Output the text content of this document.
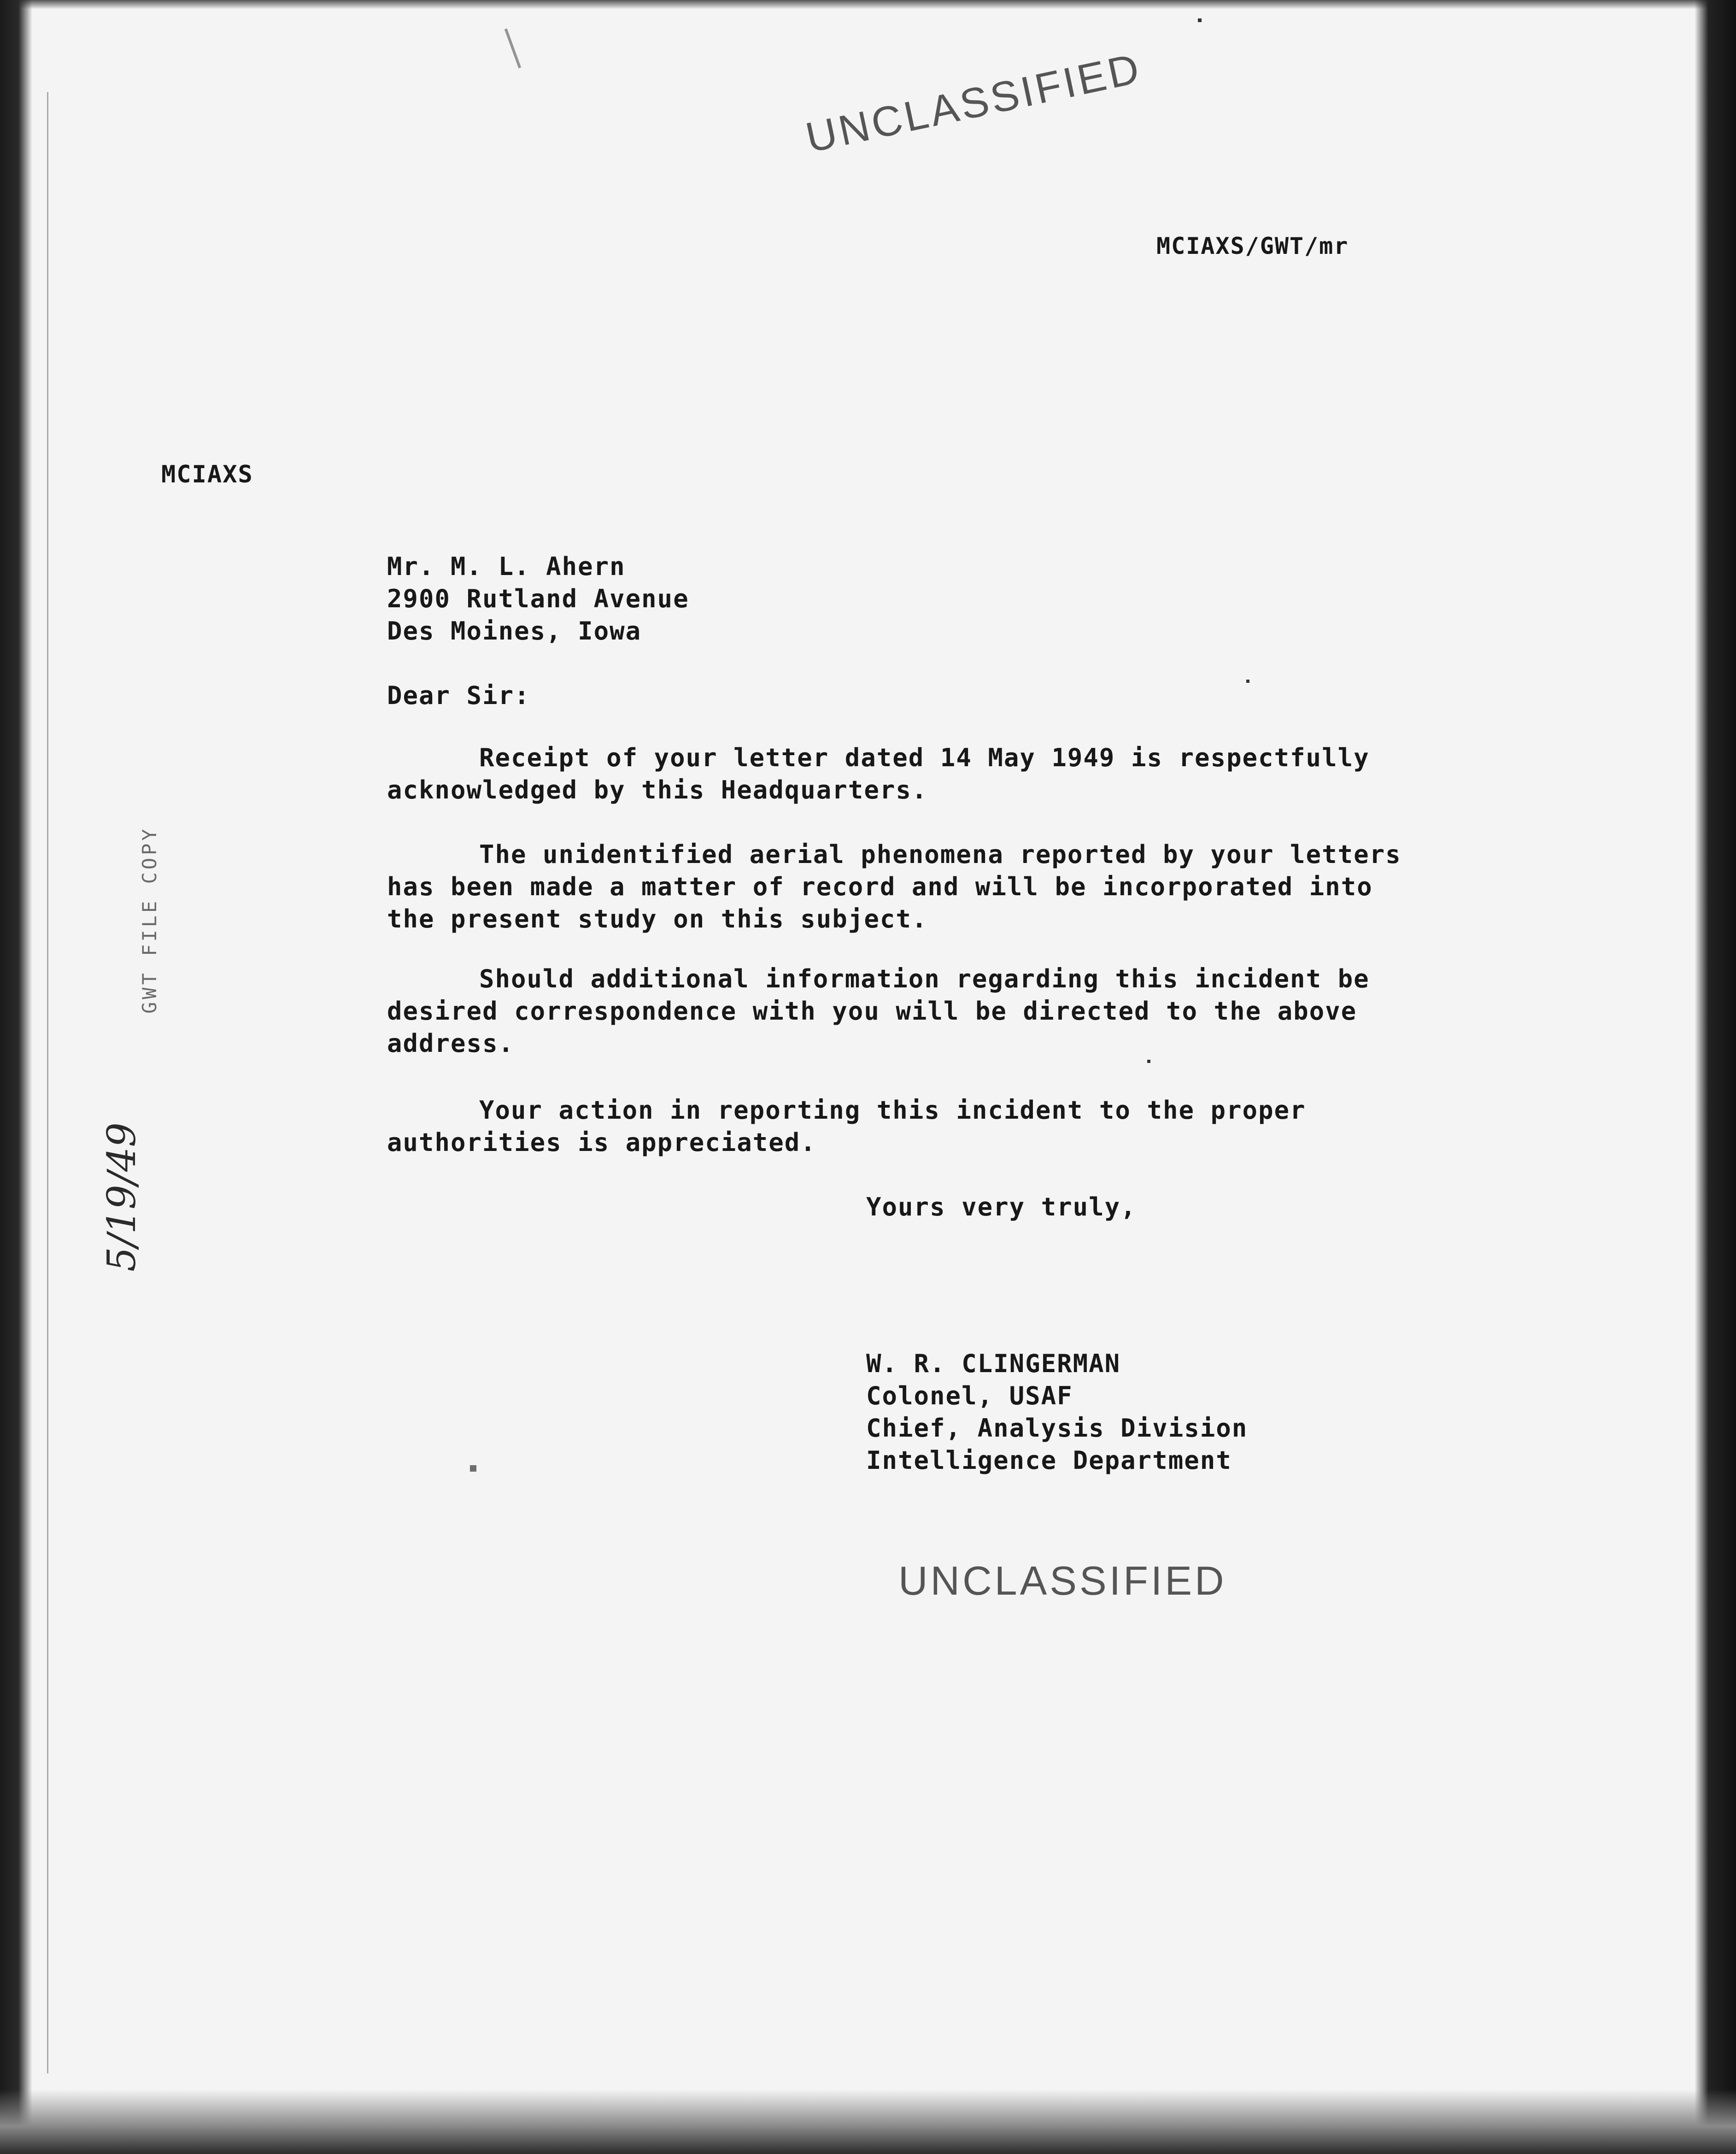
UNCLASSIFIED
MCIAXS/GWT/mr
MCIAXS
GWT FILE COPY
5/19/49
Mr. M. L. Ahern
2900 Rutland Avenue
Des Moines, Iowa
Dear Sir:
Receipt of your letter dated 14 May 1949 is respectfully
acknowledged by this Headquarters.
The unidentified aerial phenomena reported by your letters
has been made a matter of record and will be incorporated into
the present study on this subject.
Should additional information regarding this incident be
desired correspondence with you will be directed to the above
address.
Your action in reporting this incident to the proper
authorities is appreciated.
Yours very truly,
W. R. CLINGERMAN
Colonel, USAF
Chief, Analysis Division
Intelligence Department
UNCLASSIFIED
